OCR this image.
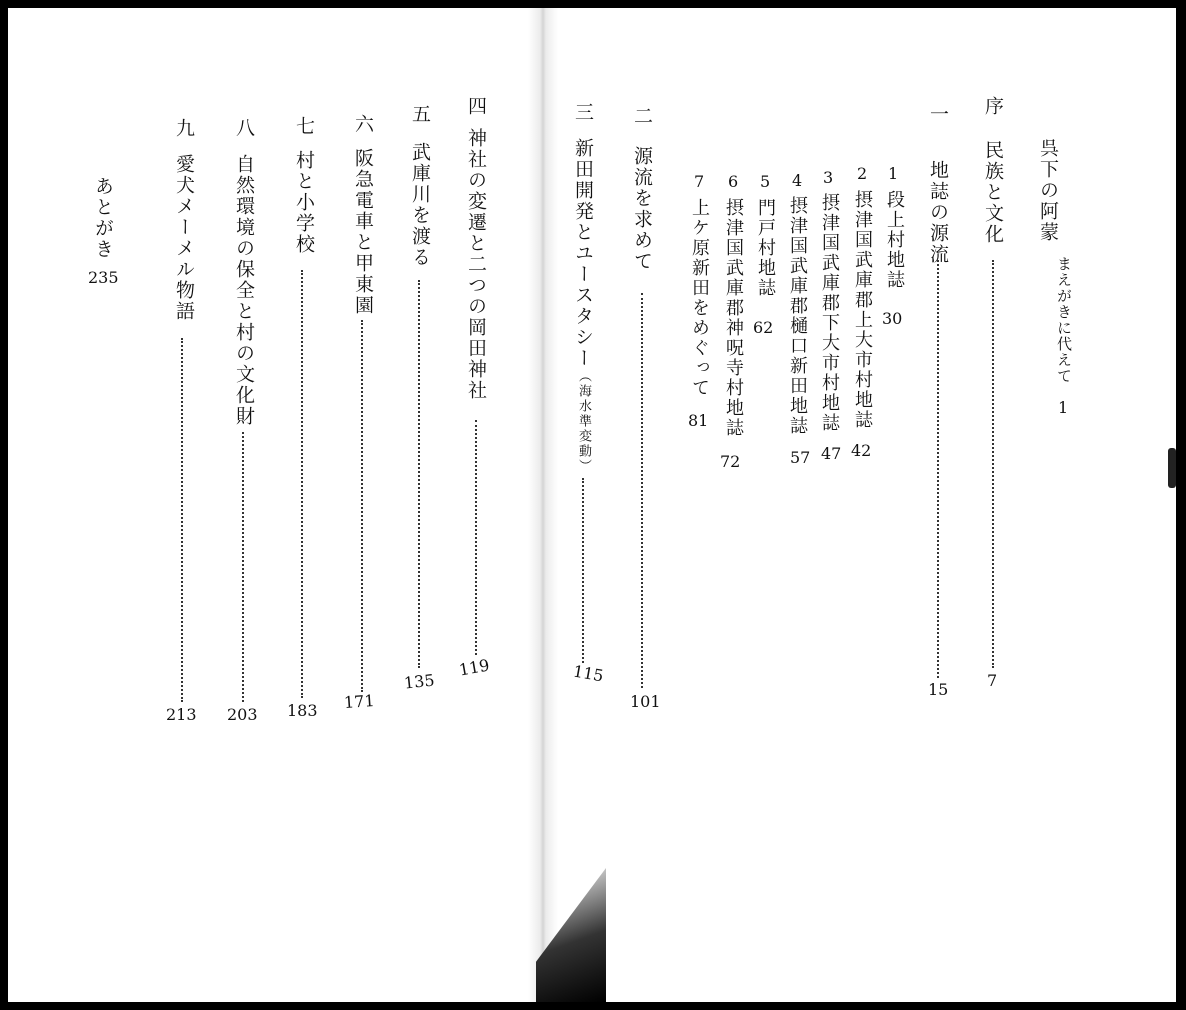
呉下の阿蒙
まえがきに代えて
1
序
民族と文化
7
一
地誌の源流
15
1
段上村地誌
30
2
摂津国武庫郡上大市村地誌
42
3
摂津国武庫郡下大市村地誌
47
4
摂津国武庫郡樋口新田地誌
57
5
門戸村地誌
62
6
摂津国武庫郡神呪寺村地誌
72
7
上ケ原新田をめぐって
81
二
源流を求めて
101
三
新田開発とユースタシー（海水準変動）
115
四
神社の変遷と二つの岡田神社
119
五
武庫川を渡る
135
六
阪急電車と甲東園
171
七
村と小学校
183
八
自然環境の保全と村の文化財
203
九
愛犬メーメル物語
213
あとがき
235
